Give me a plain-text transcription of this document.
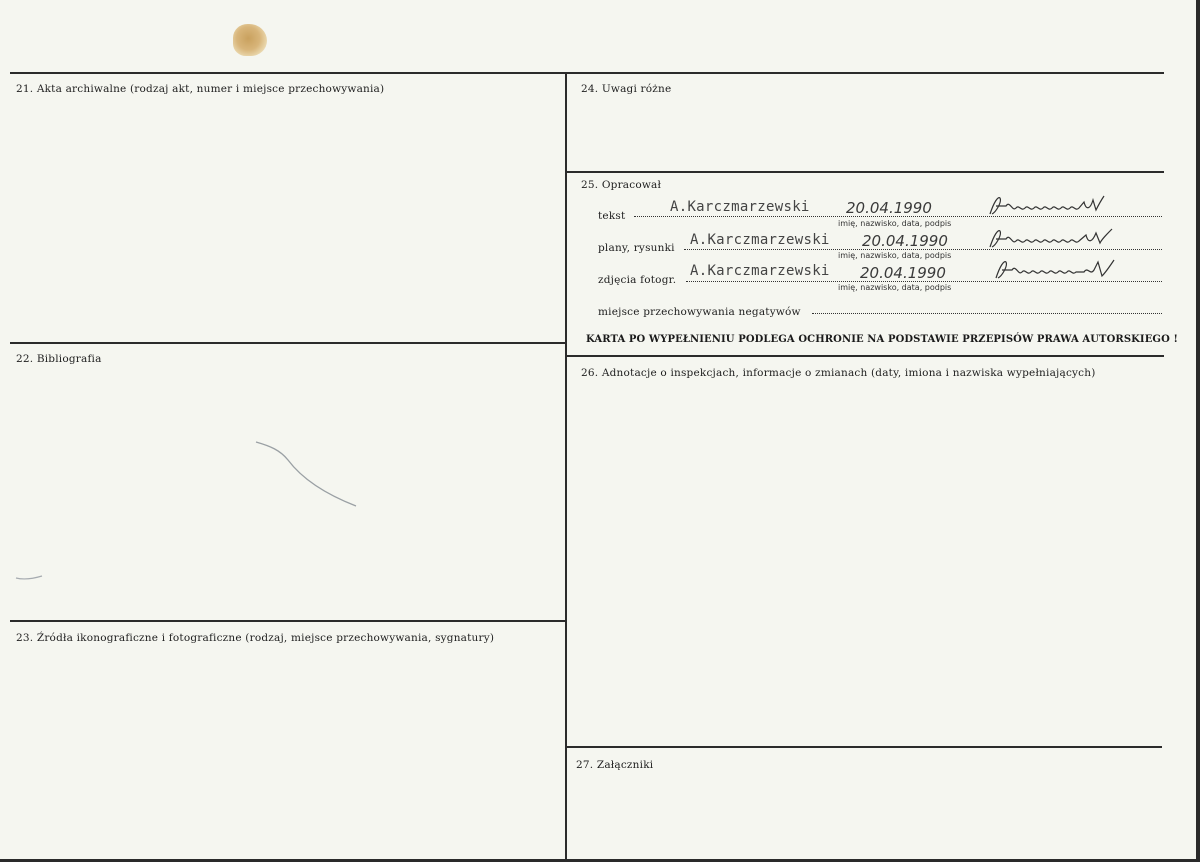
21. Akta archiwalne (rodzaj akt, numer i miejsce przechowywania)
22. Bibliografia
23. Źródła ikonograficzne i fotograficzne (rodzaj, miejsce przechowywania, sygnatury)
24. Uwagi różne
25. Opracował
26. Adnotacje o inspekcjach, informacje o zmianach (daty, imiona i nazwiska wypełniających)
27. Załączniki
tekst
A.Karczmarzewski 20.04.1990
imię, nazwisko, data, podpis
plany, rysunki A.Karczmarzewski 20.04.1990
imię, nazwisko, data, podpis
zdjęcia fotogr.
A.Karczmarzewski 20.04.1990
imię, nazwisko, data, podpis
miejsce przechowywania negatywów
KARTA PO WYPEŁNIENIU PODLEGA OCHRONIE NA PODSTAWIE PRZEPISÓW PRAWA AUTORSKIEGO !
